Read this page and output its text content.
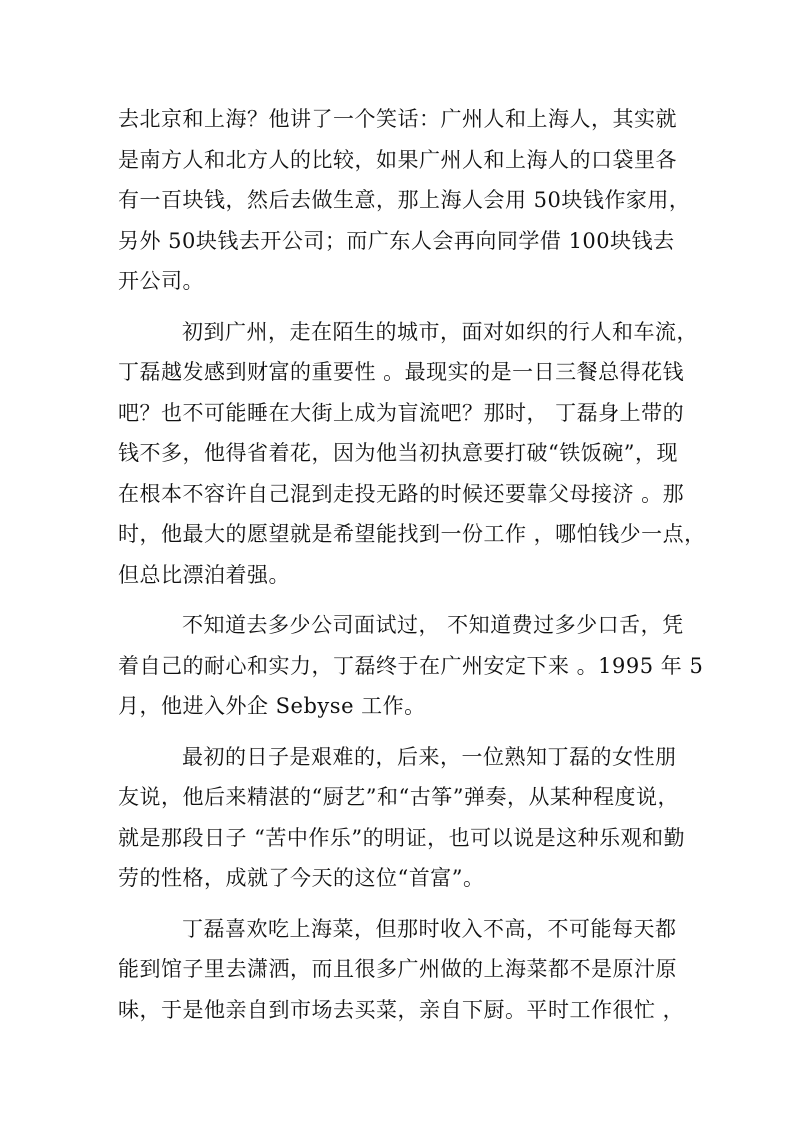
去北京和上海？他讲了一个笑话：广州人和上海人，其实就
是南方人和北方人的比较，如果广州人和上海人的口袋里各
有一百块钱，然后去做生意，那上海人会用 50块钱作家用，
另外 50块钱去开公司；而广东人会再向同学借 100块钱去
开公司。
初到广州，走在陌生的城市，面对如织的行人和车流，
丁磊越发感到财富的重要性 。最现实的是一日三餐总得花钱
吧？也不可能睡在大街上成为盲流吧？那时， 丁磊身上带的
钱不多，他得省着花，因为他当初执意要打破“铁饭碗”，现
在根本不容许自己混到走投无路的时候还要靠父母接济 。那
时，他最大的愿望就是希望能找到一份工作 ，哪怕钱少一点，
但总比漂泊着强。
不知道去多少公司面试过， 不知道费过多少口舌，凭
着自己的耐心和实力，丁磊终于在广州安定下来 。1995 年 5
月，他进入外企 Sebyse 工作。
最初的日子是艰难的，后来，一位熟知丁磊的女性朋
友说，他后来精湛的“厨艺”和“古筝”弹奏，从某种程度说，
就是那段日子 “苦中作乐”的明证，也可以说是这种乐观和勤
劳的性格，成就了今天的这位“首富”。
丁磊喜欢吃上海菜，但那时收入不高，不可能每天都
能到馆子里去潇洒，而且很多广州做的上海菜都不是原汁原
味，于是他亲自到市场去买菜，亲自下厨。平时工作很忙 ，
